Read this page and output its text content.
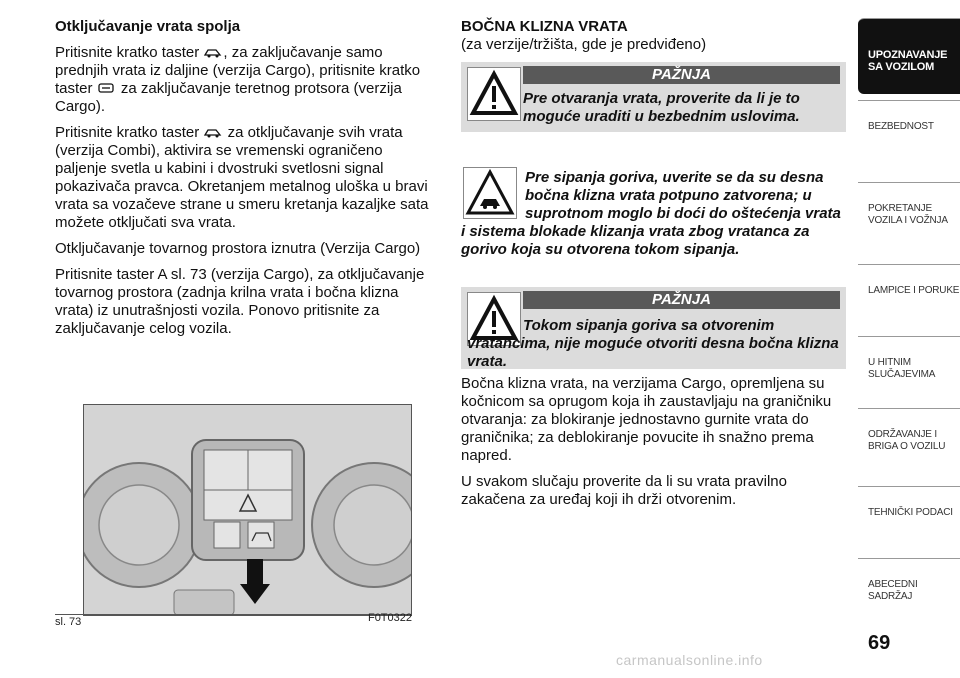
Otključavanje vrata spolja

Pritisnite kratko taster , za zaključavanje samo prednjih vrata iz daljine (verzija Cargo), pritisnite kratko taster za zaključavanje teretnog protsora (verzija Cargo).

Pritisnite kratko taster za otključavanje svih vrata (verzija Combi), aktivira se vremenski ograničeno paljenje svetla u kabini i dvostruki svetlosni signal pokazivača pravca. Okretanjem metalnog uloška u bravi vrata sa vozačeve strane u smeru kretanja kazaljke sata možete otključati sva vrata.

Otključavanje tovarnog prostora iznutra (Verzija Cargo)

Pritisnite taster A sl. 73 (verzija Cargo), za otključavanje tovarnog prostora (zadnja krilna vrata i bočna klizna vrata) iz unutrašnjosti vozila. Ponovo pritisnite za zaključavanje celog vozila.

sl. 73	F0T0322

BOČNA KLIZNA VRATA

(za verzije/tržišta, gde je predviđeno)

PAŽNJA
Pre otvaranja vrata, proverite da li je to moguće uraditi u bezbednim uslovima.
Pre sipanja goriva, uverite se da su desna bočna klizna vrata potpuno zatvorena; u suprotnom moglo bi doći do oštećenja vrata i sistema blokade klizanja vrata zbog vratanca za gorivo koja su otvorena tokom sipanja.
PAŽNJA
Tokom sipanja goriva sa otvorenim vratancima, nije moguće otvoriti desna bočna klizna vrata.

Bočna klizna vrata, na verzijama Cargo, opremljena su kočnicom sa oprugom koja ih zaustavljaju na graničniku otvaranja: za blokiranje jednostavno gurnite vrata do graničnika; za deblokiranje povucite ih snažno prema napred.

U svakom slučaju proverite da li su vrata pravilno zakačena za uređaj koji ih drži otvorenim.

UPOZNAVANJE SA VOZILOM
BEZBEDNOST
POKRETANJE VOZILA I VOŽNJA
LAMPICE I PORUKE
U HITNIM SLUČAJEVIMA
ODRŽAVANJE I BRIGA O VOZILU
TEHNIČKI PODACI
ABECEDNI SADRŽAJ
69
carmanualsonline.info
